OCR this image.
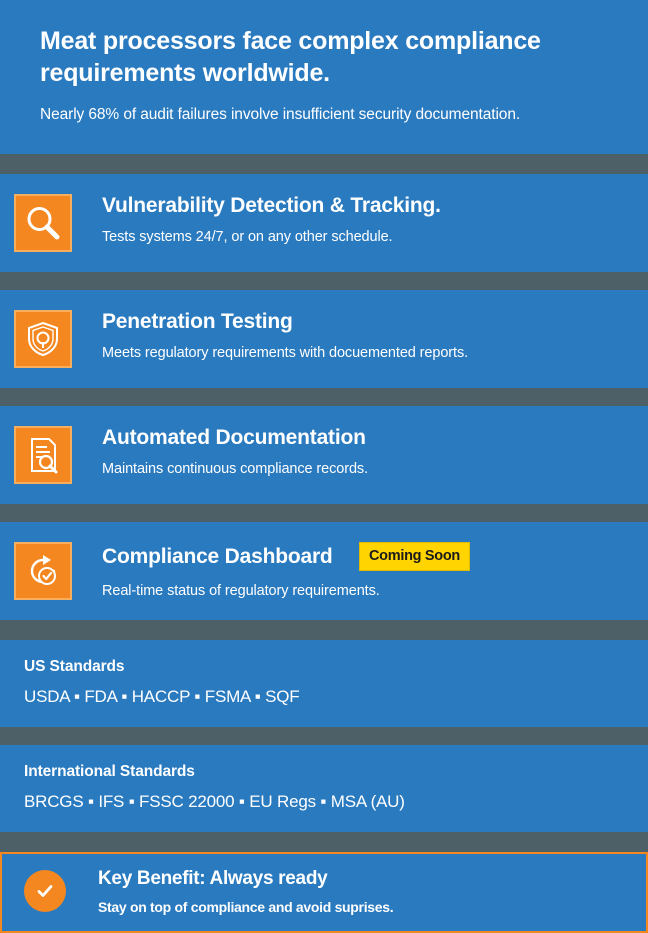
Meat processors face complex compliance requirements worldwide.

Nearly 68% of audit failures involve insufficient security documentation.

Vulnerability Detection & Tracking.
Tests systems 24/7, or on any other schedule.
Penetration Testing
Meets regulatory requirements with docuemented reports.
Automated Documentation
Maintains continuous compliance records.
Compliance Dashboard	Coming Soon
Real-time status of regulatory requirements.
US Standards
USDA ▪ FDA ▪ HACCP ▪ FSMA ▪ SQF
International Standards
BRCGS ▪ IFS ▪ FSSC 22000 ▪ EU Regs ▪ MSA (AU)
Key Benefit: Always ready
Stay on top of compliance and avoid suprises.
